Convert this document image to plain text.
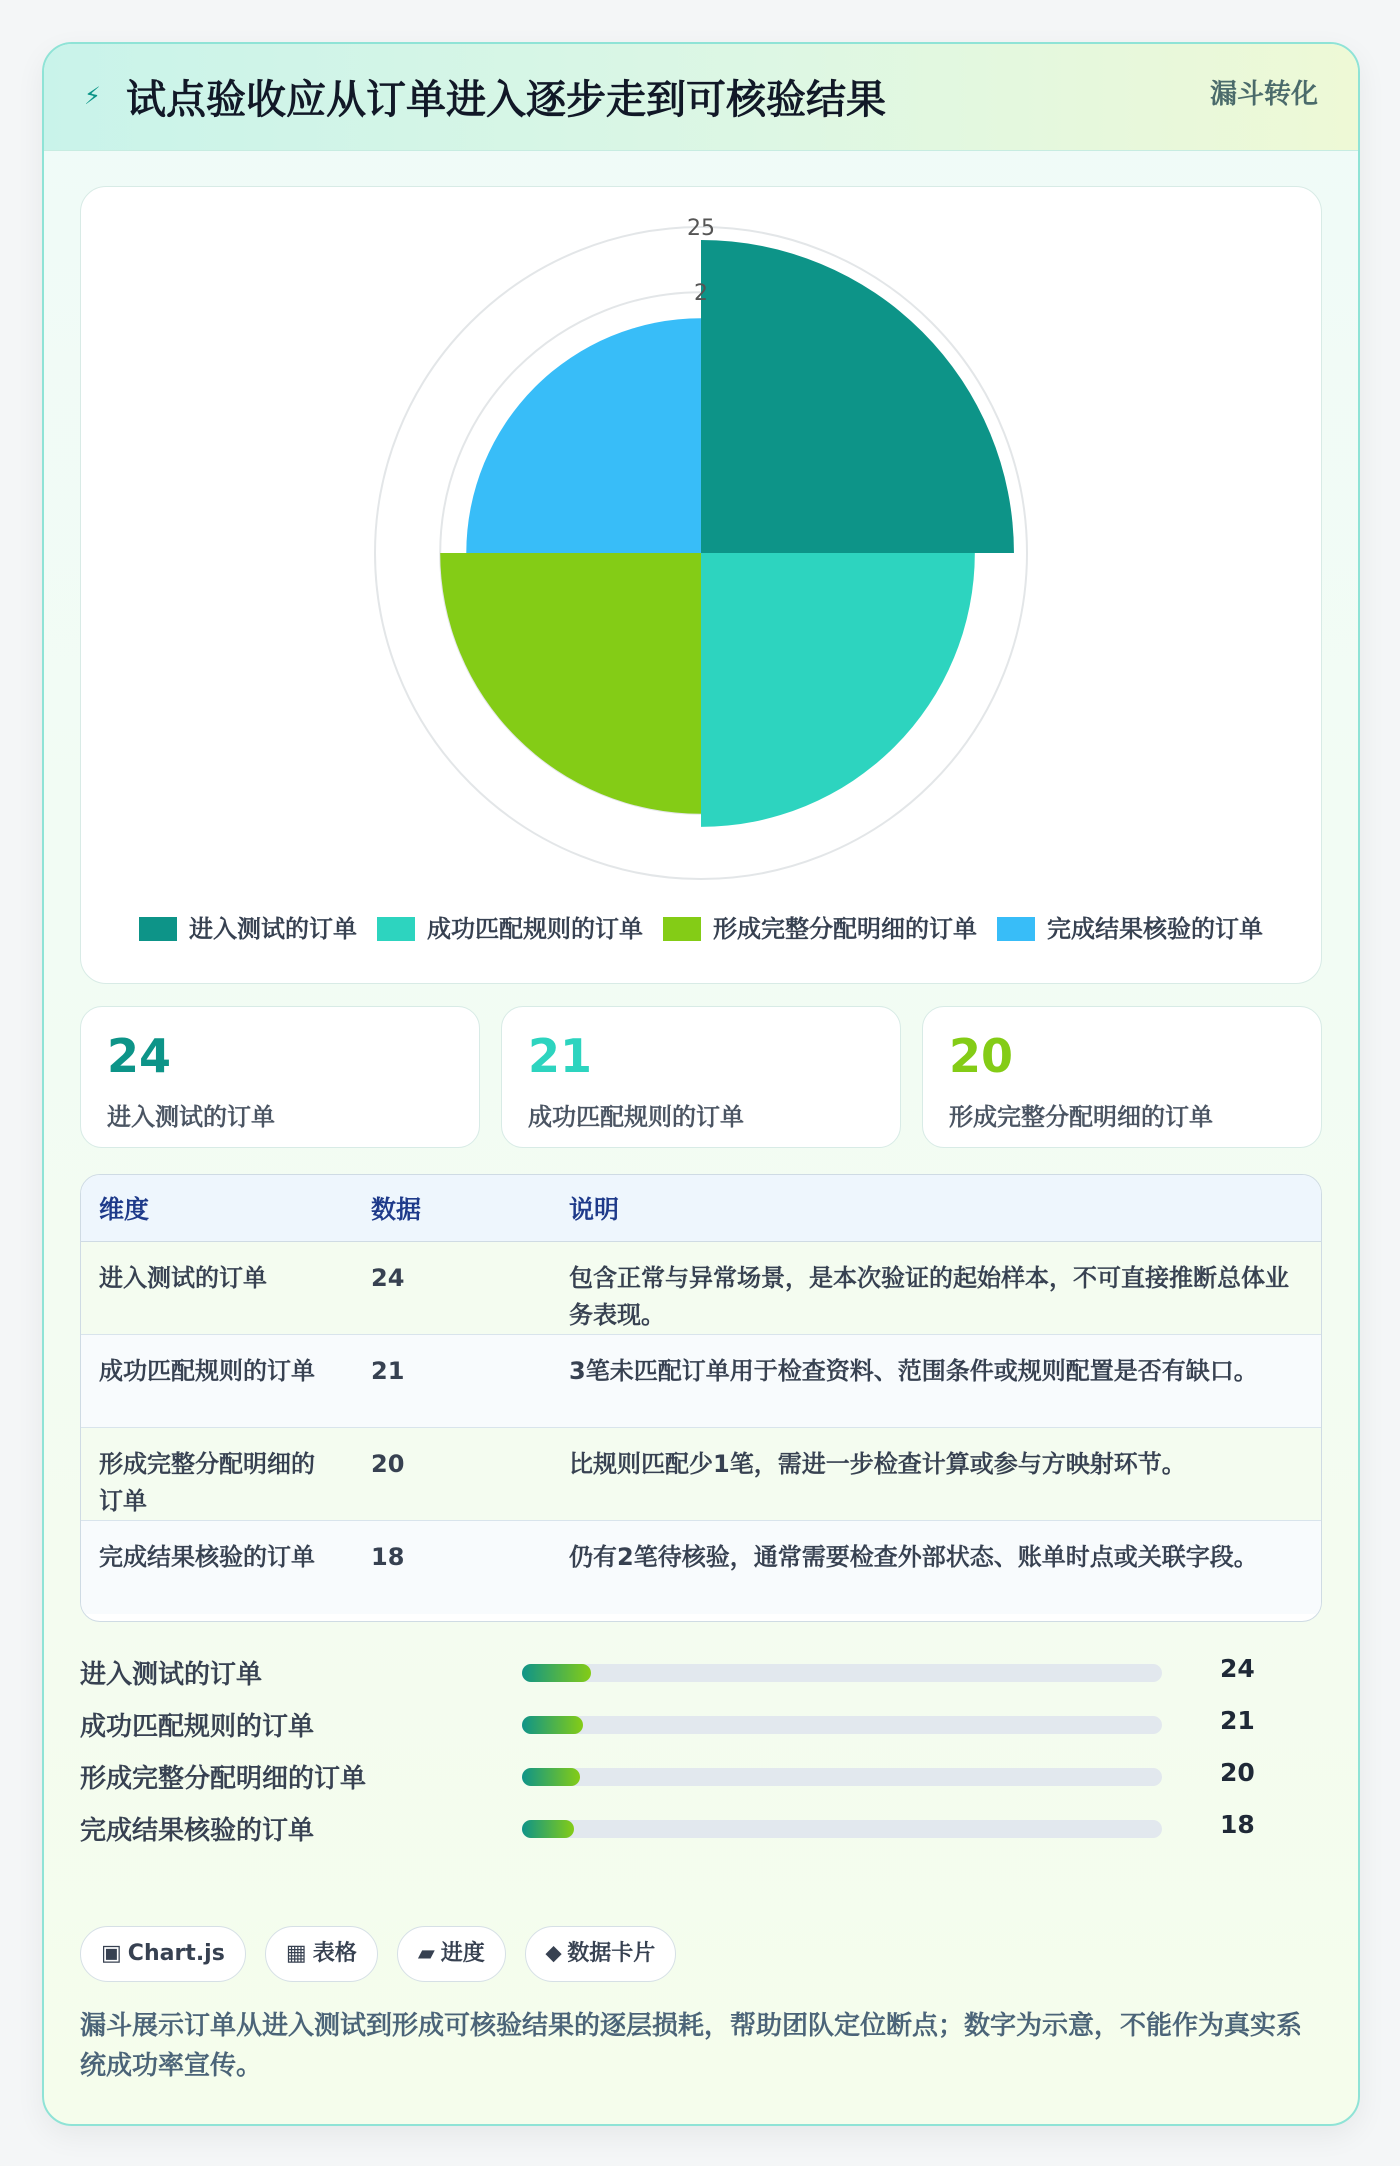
⚡ 试点验收应从订单进入逐步走到可核验结果	漏斗转化
25
2
进入测试的订单	成功匹配规则的订单	形成完整分配明细的订单	完成结果核验的订单
24
进入测试的订单
21
成功匹配规则的订单
20
形成完整分配明细的订单
维度	数据	说明
进入测试的订单	24	包含正常与异常场景，是本次验证的起始样本，不可直接推断总体业务表现。
成功匹配规则的订单	21	3笔未匹配订单用于检查资料、范围条件或规则配置是否有缺口。
形成完整分配明细的订单	20	比规则匹配少1笔，需进一步检查计算或参与方映射环节。
完成结果核验的订单	18	仍有2笔待核验，通常需要检查外部状态、账单时点或关联字段。
进入测试的订单	24
成功匹配规则的订单	21
形成完整分配明细的订单	20
完成结果核验的订单	18
▣ Chart.js	▦ 表格	▰ 进度	⬥ 数据卡片
漏斗展示订单从进入测试到形成可核验结果的逐层损耗，帮助团队定位断点；数字为示意，不能作为真实系统成功率宣传。
